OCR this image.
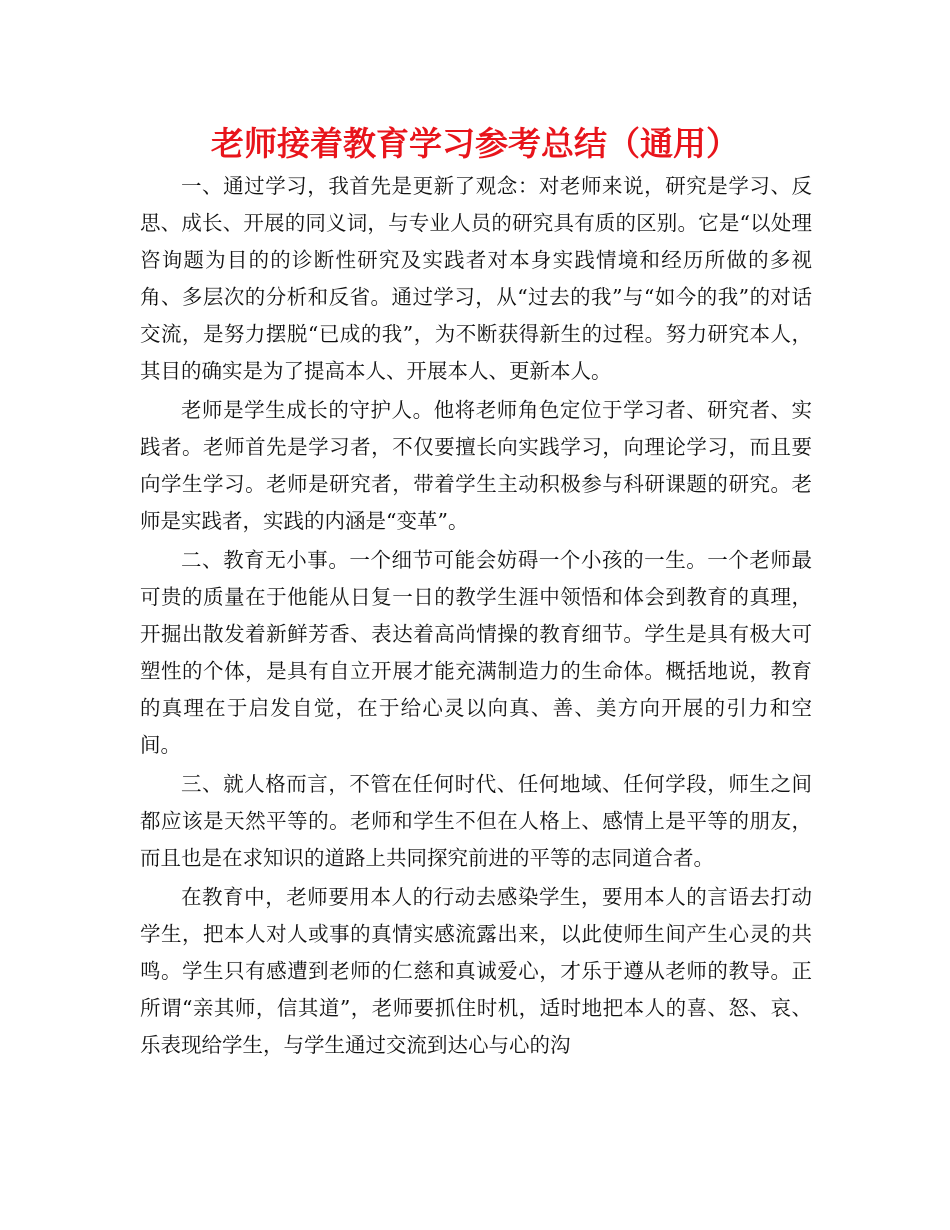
老师接着教育学习参考总结（通用）

一、通过学习，我首先是更新了观念：对老师来说，研究是学习、反思、成长、开展的同义词，与专业人员的研究具有质的区别。它是“以处理咨询题为目的的诊断性研究及实践者对本身实践情境和经历所做的多视角、多层次的分析和反省。通过学习，从“过去的我”与“如今的我”的对话交流，是努力摆脱“已成的我”，为不断获得新生的过程。努力研究本人，其目的确实是为了提高本人、开展本人、更新本人。

老师是学生成长的守护人。他将老师角色定位于学习者、研究者、实践者。老师首先是学习者，不仅要擅长向实践学习，向理论学习，而且要向学生学习。老师是研究者，带着学生主动积极参与科研课题的研究。老师是实践者，实践的内涵是“变革”。

二、教育无小事。一个细节可能会妨碍一个小孩的一生。一个老师最可贵的质量在于他能从日复一日的教学生涯中领悟和体会到教育的真理，开掘出散发着新鲜芳香、表达着高尚情操的教育细节。学生是具有极大可塑性的个体，是具有自立开展才能充满制造力的生命体。概括地说，教育的真理在于启发自觉，在于给心灵以向真、善、美方向开展的引力和空间。

三、就人格而言，不管在任何时代、任何地域、任何学段，师生之间都应该是天然平等的。老师和学生不但在人格上、感情上是平等的朋友，而且也是在求知识的道路上共同探究前进的平等的志同道合者。

在教育中，老师要用本人的行动去感染学生，要用本人的言语去打动学生，把本人对人或事的真情实感流露出来，以此使师生间产生心灵的共鸣。学生只有感遭到老师的仁慈和真诚爱心，才乐于遵从老师的教导。正所谓“亲其师，信其道”，老师要抓住时机，适时地把本人的喜、怒、哀、乐表现给学生，与学生通过交流到达心与心的沟
